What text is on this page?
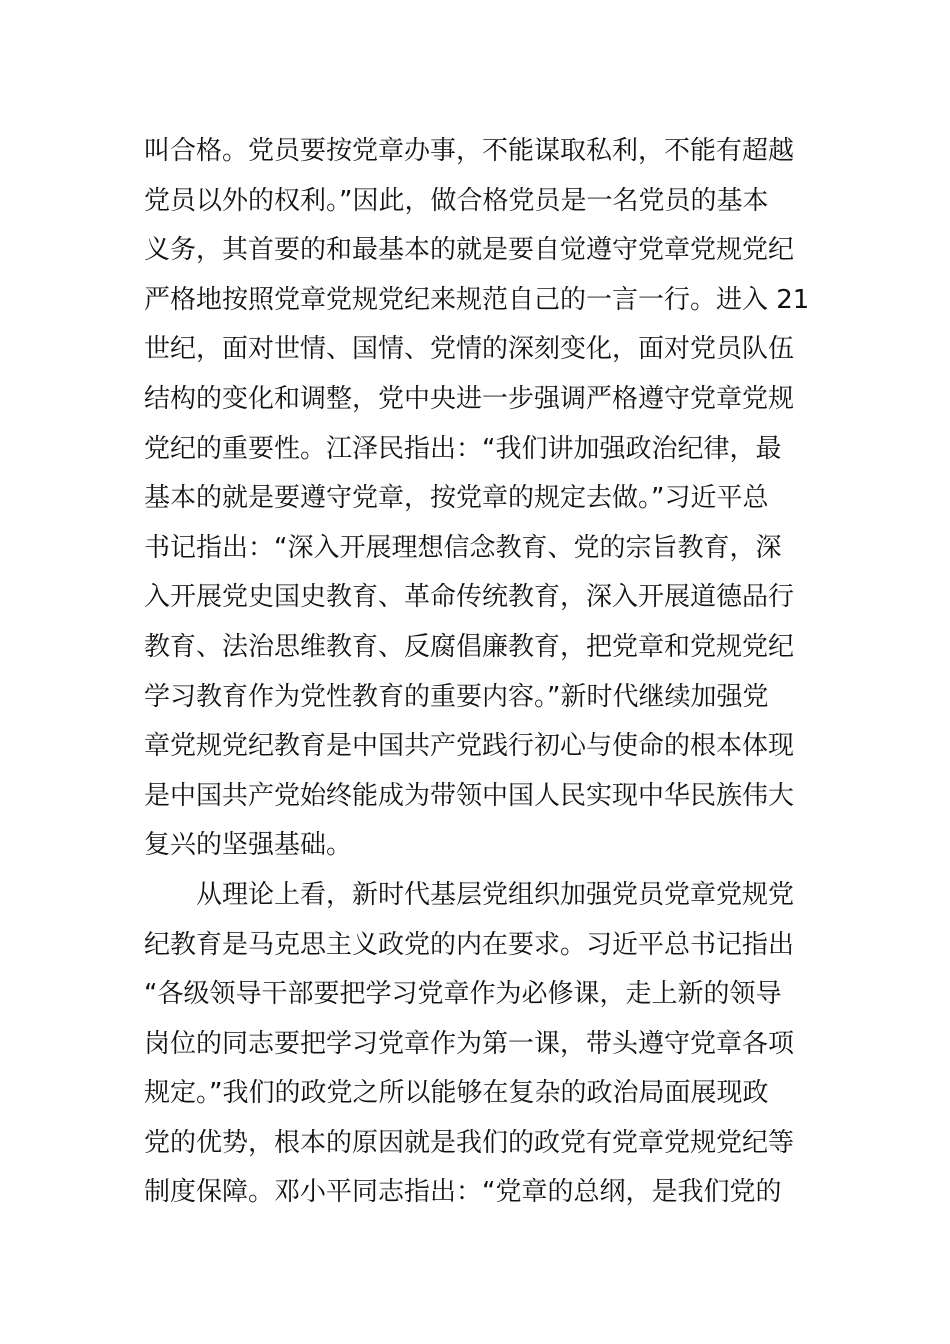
叫合格。党员要按党章办事，不能谋取私利，不能有超越
党员以外的权利。”因此，做合格党员是一名党员的基本
义务，其首要的和最基本的就是要自觉遵守党章党规党纪
严格地按照党章党规党纪来规范自己的一言一行。进入 21
世纪，面对世情、国情、党情的深刻变化，面对党员队伍
结构的变化和调整，党中央进一步强调严格遵守党章党规
党纪的重要性。江泽民指出：“我们讲加强政治纪律，最
基本的就是要遵守党章，按党章的规定去做。”习近平总
书记指出：“深入开展理想信念教育、党的宗旨教育，深
入开展党史国史教育、革命传统教育，深入开展道德品行
教育、法治思维教育、反腐倡廉教育，把党章和党规党纪
学习教育作为党性教育的重要内容。”新时代继续加强党
章党规党纪教育是中国共产党践行初心与使命的根本体现
是中国共产党始终能成为带领中国人民实现中华民族伟大
复兴的坚强基础。
从理论上看，新时代基层党组织加强党员党章党规党
纪教育是马克思主义政党的内在要求。习近平总书记指出
“各级领导干部要把学习党章作为必修课，走上新的领导
岗位的同志要把学习党章作为第一课，带头遵守党章各项
规定。”我们的政党之所以能够在复杂的政治局面展现政
党的优势，根本的原因就是我们的政党有党章党规党纪等
制度保障。邓小平同志指出：“党章的总纲，是我们党的
